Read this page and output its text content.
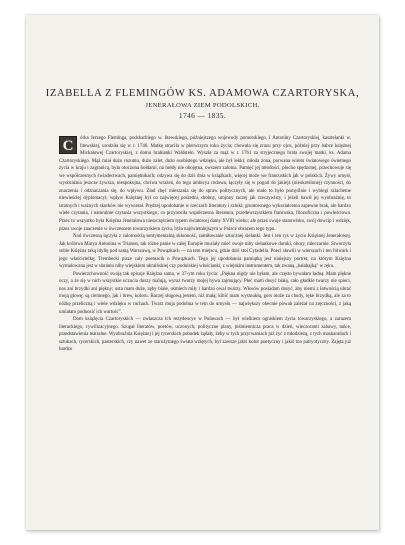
IZABELLA Z FLEMINGÓW KS. ADAMOWA CZARTORYSKA,
JENERAŁOWA ZIEM PODOLSKICH.
1746 — 1835.

C	órka Jerzego Fleminga, podskarbiego w. litewskiego, późniejszego wojewody pomorskiego, i Antoniny Czartoryskiej, kasztelanki w. litewskiej, urodziła się w r. 1746. Matkę straciła w pierwszym roku życia; chowała się zrazu przy ojcu, później przy babce księżnej Michałowej Czartoryskiej, z domu hrabianki Waldstein. Wyszła za mąż w r. 1761 za stryjecznego brata swojej matki, ks. Adama Czartoryskiego. Mąż miał dużo rozumu, dużo zalet, dużo osobistego wdzięku, ale był lekki; młoda żona, porwana wirem światowego świetnego życia w kraju i zagranicą, była otoczona hołdami, na hołdy nie obojętna, owszem zalotna. Pamięć jej młodości, płocho spędzonej, przechowuje się we współczesnych świadectwach, pamiętnikach; odzywa się do dziś dnia w książkach, więcej może we francuskich jak w polskich. Żywy umysł, wyobraźnia jeszcze żywsza, niespokojna, chciwa wrażeń, do tego ambicya rodowa, łączyły się w pogoń do jakiejś (nieokreślonej) czynności, do znaczenia i odznaczania się, do wpływu. Zład chęć mieszania się do spraw politycznych, ale mało to było pomyślnie i wybiegi szlachetne niewieściej dyplomacyi; wpływ Księżnej był co najwięcej pośredni, drobny, urojony raczej jak rzeczywisty, i jeżeli bawił jej wyobraźnię, to istotnych i ważnych skutków nie wywierał. Prędzej upodobanie w rzeczach literatury i sztuki; gruntownego wykształcenia zapewne brak, ale bardzo wiele czytania, i naturalnie czytania wszystkiego; co przynosiła współczesna literatura, przedewszystkiem francuska, filozoficzna i powieściowa. Przez to wszystko była Księżna Jenerałowa nieszczęściem typem światowej damy XVIII wieku; ale przez swoje stanowisko, swój dowcip i wdzięk, przez swoje znaczenie w ówczesnem towarzyskiem życiu, była najświetniejszym w Polsce obrazem tego typu.

Nad ówczesną łączyła z zalotnością sentymentalną skłonność, zamiłowanie sztucznej sielanki. Jest i ten rys w życiu Księżnej Jenerałowej. Jak królowa Marya Antonina w Trianon, tak różne panie w całej Europie musiały mieć swoje niby sielankowe domki, obory, mleczarnie. Stworzyła sobie Księżna taką idyllę pod samą Warszawą, w Powązkach — na tem miejscu, gdzie dziś stoi Cytadella. Poeci sławili w wierszach i ten folwark i jego właścicielkę; Trembecki pisze cały poemacik o Powązkach. Tego jej upodobania pamiątką jest niniejszy portret, na którym Księżna wymalowana jest w ubraniu niby wiejskiem ukraińskiej czy podolskiej włościanki, z wiejskim instrumentem, tak zwaną „bałabajką" w ręku.

Powierzchowność swoją tak opisuje Księżna sama, w 37-ym roku życia: „Piękna nigdy nie byłam, ale często bywałam ładną. Mam piękne oczy, a że się w nich wszystkie uczucia duszy malują, wyraz twarzy mojej bywa zajmujący. Płeć mam dosyć białą, cało gładkie twarzy nie spieci, nos ani brzydki ani piękny; usta mam duże, zęby białe, uśmiech miły i bardzo owal twarzy. Włosów posiadam dosyć, aby niemi z łatwością ubrać moją głowę; są ciemnego, jak i brew, koloru. Raczej sługową jestem, niż małą; kibić mam wysmukłą, gors może za chudy, ręke brzydką, ale za to nóżkę przeliczną i wiele wdzięku w ruchach. Twarz moja podobna w tem do umysłu — największy obecnie powab zależał na zręczności, z jaką umiałam podnosić ich wartość".

Dom książęcia Czartoryskich — zwłaszcza ich rezydencye w Puławach — był wielkiem ogniskiem życia towarzyskiego, a zarazem literackiego, cywilizacyjnego. Szugał literatów, poetów, uczonych; polityczne plany, piśmiennicza praca w dzień, wieczorami zabawy, tańce, przedstawienia teatralne. Wyobraźnia Księżnej i jej rycerskich pobudek żądały, żeby w tych przyrwaniach już żyć z młodzieżą, z tych maskaradach i sztukach, rycerskich, pasterskich, czy nawet ze starożytnego świata wziętych, był zawsze jakiś kolor poetyczny i jakiś ton patryotyczny. Zajęta już bardzo
